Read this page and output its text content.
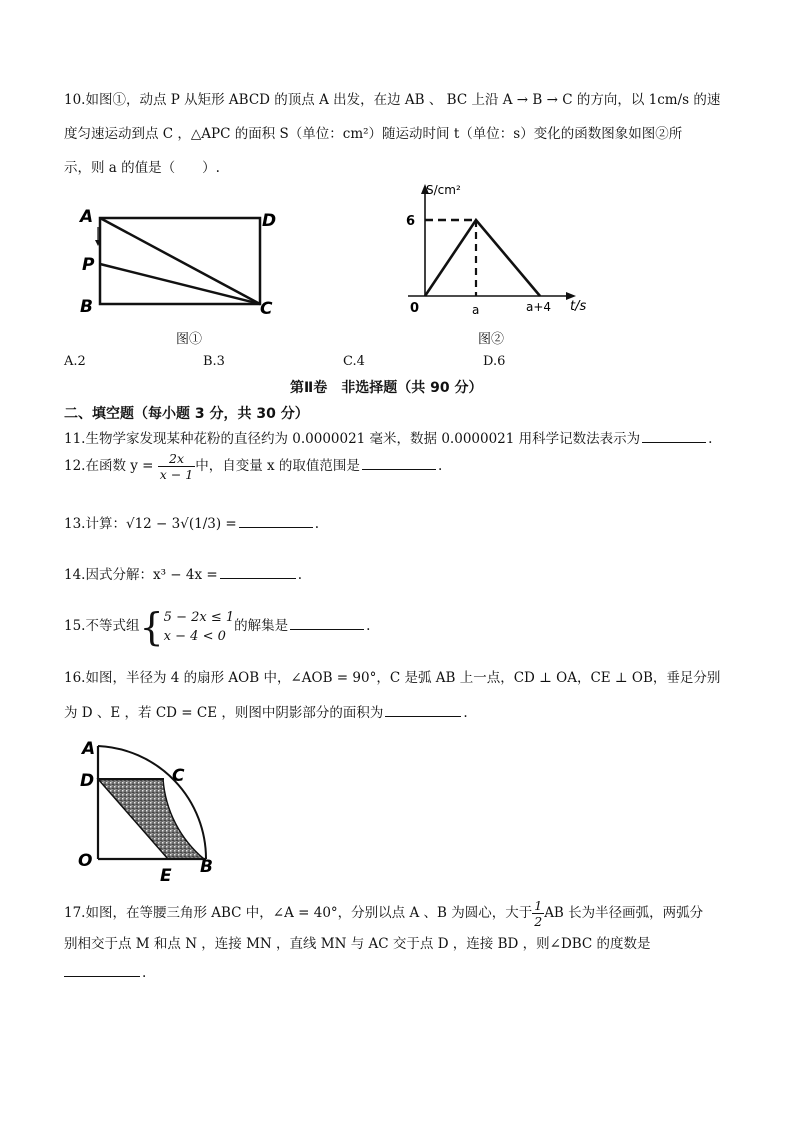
10.如图①，动点 P 从矩形 ABCD 的顶点 A 出发，在边 AB 、 BC 上沿 A → B → C 的方向，以 1cm/s 的速
度匀速运动到点 C ，△APC 的面积 S（单位：cm²）随运动时间 t（单位：s）变化的函数图象如图②所
示，则 a 的值是（　　）.
A	D
P
B	C
图①
S/cm²
6
0	a	a+4 t/s
图②
A.2	B.3	C.4	D.6
第Ⅱ卷　非选择题（共 90 分）
二、填空题（每小题 3 分，共 30 分）
11.生物学家发现某种花粉的直径约为 0.0000021 毫米，数据 0.0000021 用科学记数法表示为	.
12.在函数 $y = \frac{2x}{x - 1}$ 中，自变量 x 的取值范围是	.
13.计算：√12 − 3√(1/3) =	.
14.因式分解：x³ − 4x =	.
15.不等式组{ 5 − 2x ≤ 1
x − 4 < 0
的解集是	.
16.如图，半径为 4 的扇形 AOB 中，∠AOB = 90°，C 是弧 AB 上一点，CD ⊥ OA，CE ⊥ OB，垂足分别
为 D 、E ，若 CD = CE ，则图中阴影部分的面积为	.
A
D	C
O
E B
17.如图，在等腰三角形 ABC 中，∠A = 40°，分别以点 A 、B 为圆心，大于 $\frac{1}{2}$ AB 长为半径画弧，两弧分
别相交于点 M 和点 N ，连接 MN ，直线 MN 与 AC 交于点 D ，连接 BD ，则∠DBC 的度数是
.
